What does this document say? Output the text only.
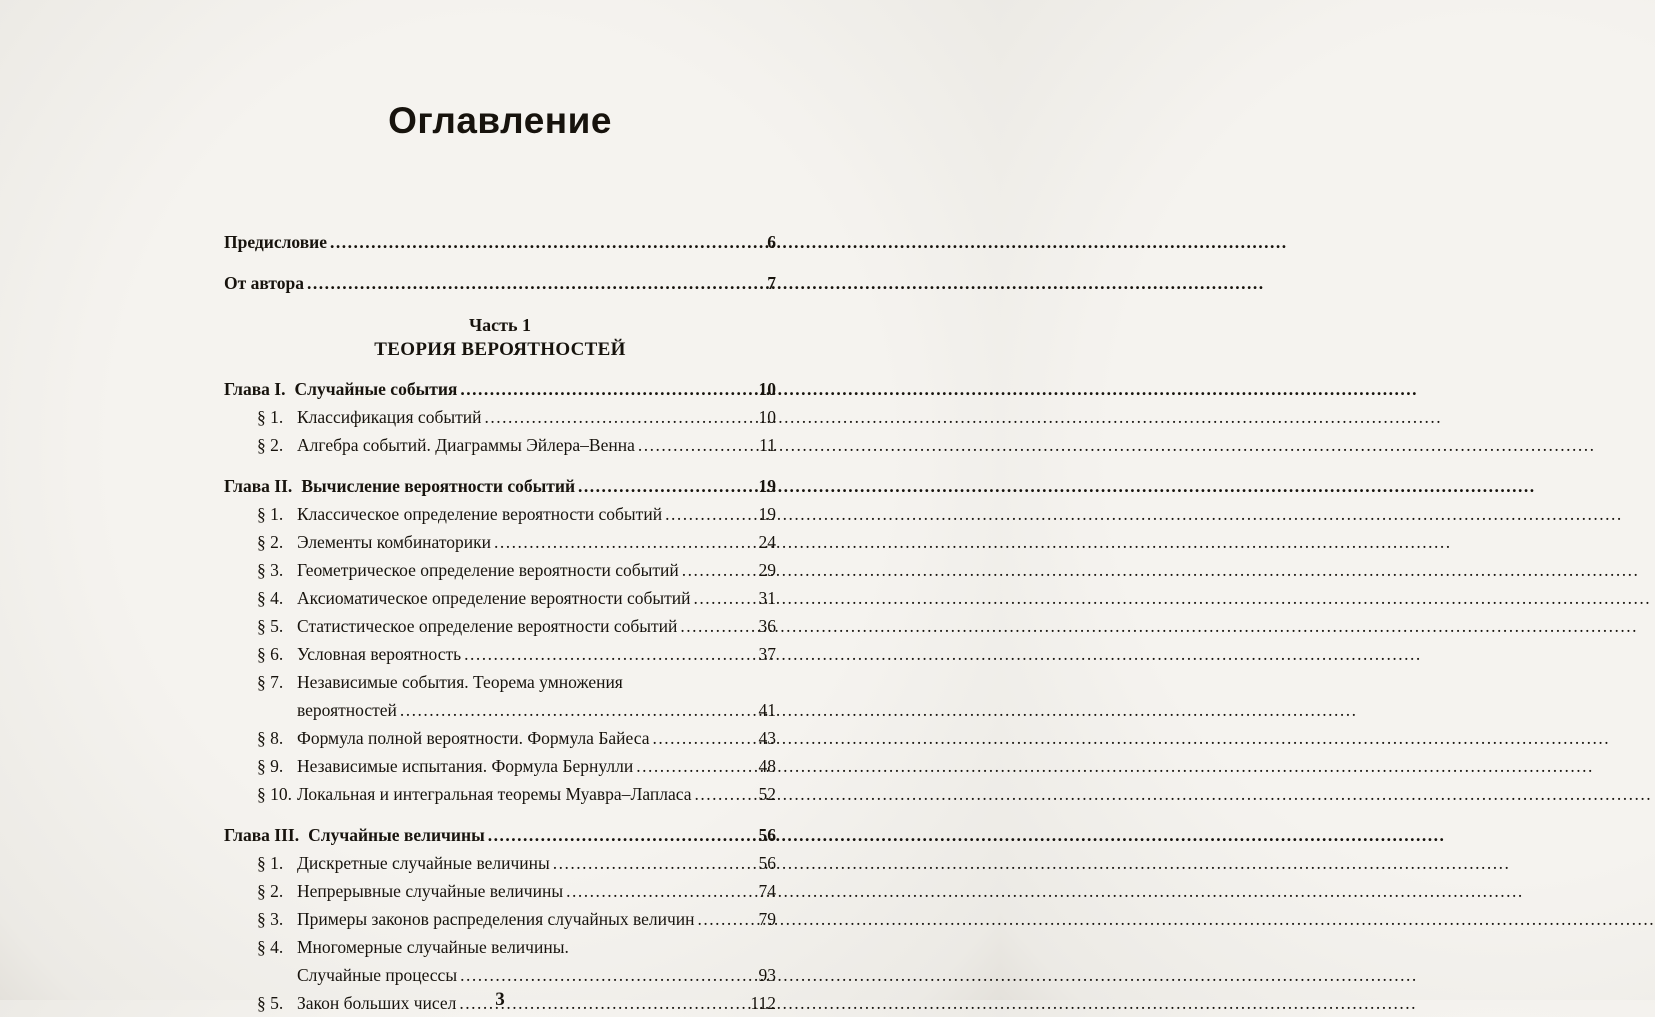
Оглавление
Предисловие .....	6
От автора .....	7
Часть 1
ТЕОРИЯ ВЕРОЯТНОСТЕЙ
Глава I. Случайные события .....	10
§ 1. Классификация событий .....	10
§ 2. Алгебра событий. Диаграммы Эйлера–Венна .....	11
Глава II. Вычисление вероятности событий .....	19
§ 1. Классическое определение вероятности событий .....	19
§ 2. Элементы комбинаторики .....	24
§ 3. Геометрическое определение вероятности событий .....	29
§ 4. Аксиоматическое определение вероятности событий .....	31
§ 5. Статистическое определение вероятности событий .....	36
§ 6. Условная вероятность .....	37
§ 7. Независимые события. Теорема умножения
вероятностей .....	41
§ 8. Формула полной вероятности. Формула Байеса .....	43
§ 9. Независимые испытания. Формула Бернулли .....	48
§ 10. Локальная и интегральная теоремы Муавра–Лапласа .....	52
Глава III. Случайные величины .....	56
§ 1. Дискретные случайные величины .....	56
§ 2. Непрерывные случайные величины .....	74
§ 3. Примеры законов распределения случайных величин .....	79
§ 4. Многомерные случайные величины.
Случайные процессы .....	93
§ 5. Закон больших чисел .....	112
3
